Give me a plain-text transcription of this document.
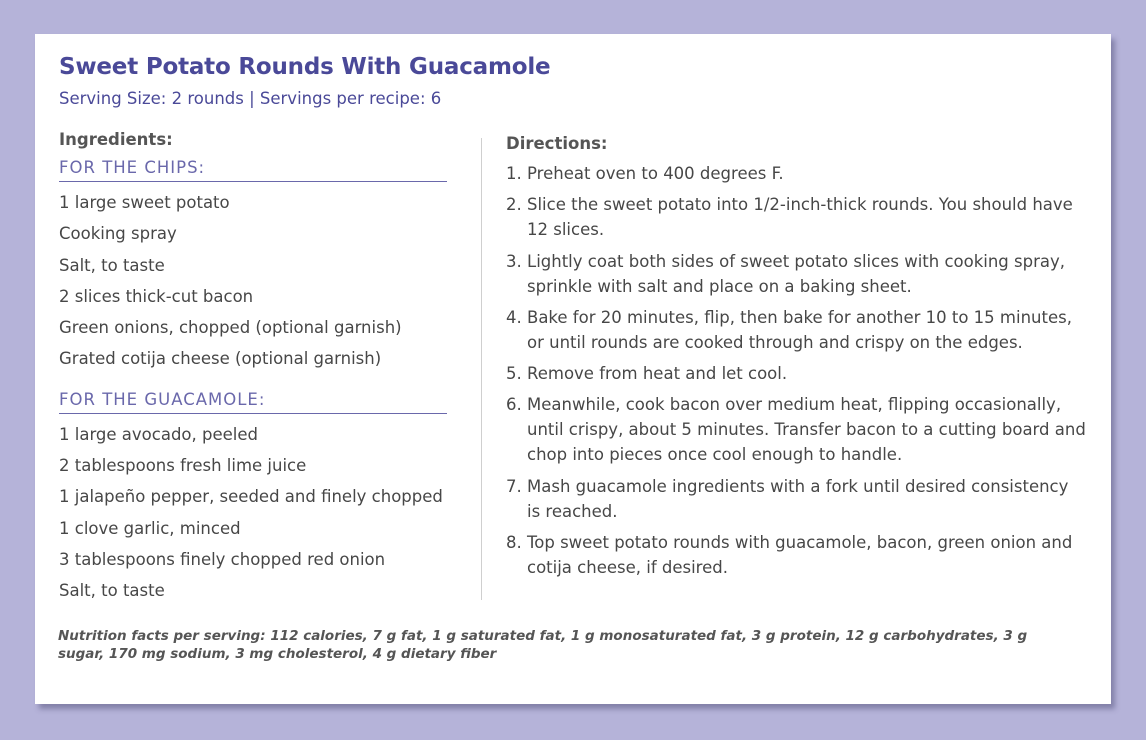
Sweet Potato Rounds With Guacamole
Serving Size: 2 rounds | Servings per recipe: 6
Ingredients:
FOR THE CHIPS:
1 large sweet potato
Cooking spray
Salt, to taste
2 slices thick-cut bacon
Green onions, chopped (optional garnish)
Grated cotija cheese (optional garnish)
FOR THE GUACAMOLE:
1 large avocado, peeled
2 tablespoons fresh lime juice
1 jalapeño pepper, seeded and finely chopped
1 clove garlic, minced
3 tablespoons finely chopped red onion
Salt, to taste
Directions:
1. Preheat oven to 400 degrees F.
2. Slice the sweet potato into 1/2-inch-thick rounds. You should have 12 slices.
3. Lightly coat both sides of sweet potato slices with cooking spray, sprinkle with salt and place on a baking sheet.
4. Bake for 20 minutes, flip, then bake for another 10 to 15 minutes, or until rounds are cooked through and crispy on the edges.
5. Remove from heat and let cool.
6. Meanwhile, cook bacon over medium heat, flipping occasionally, until crispy, about 5 minutes. Transfer bacon to a cutting board and chop into pieces once cool enough to handle.
7. Mash guacamole ingredients with a fork until desired consistency is reached.
8. Top sweet potato rounds with guacamole, bacon, green onion and cotija cheese, if desired.
Nutrition facts per serving: 112 calories, 7 g fat, 1 g saturated fat, 1 g monosaturated fat, 3 g protein, 12 g carbohydrates, 3 g sugar, 170 mg sodium, 3 mg cholesterol, 4 g dietary fiber
